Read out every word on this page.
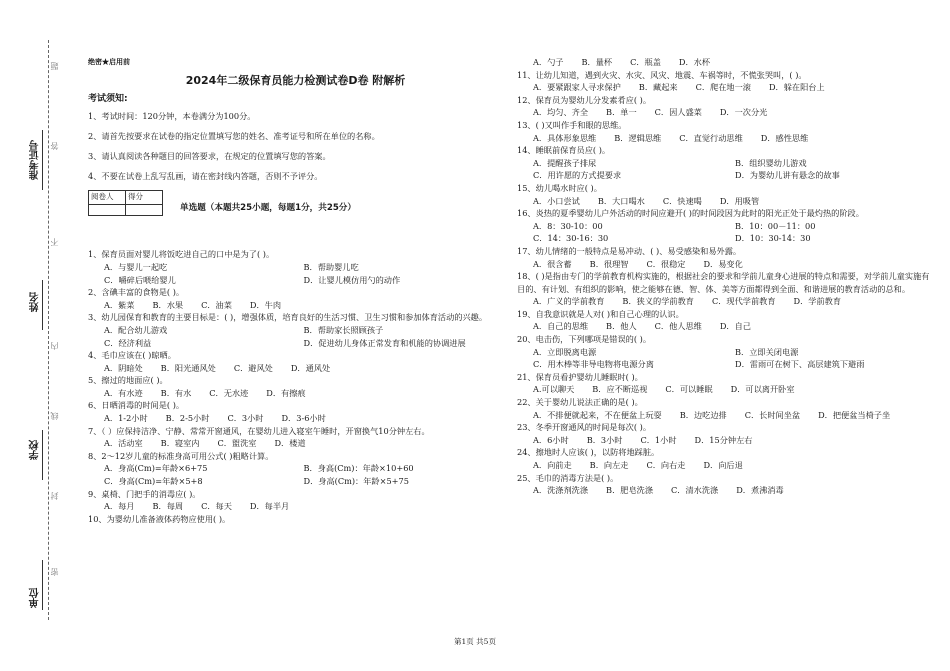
准考证号
姓名
学校
单位
题
答
不
内
线
封
密
绝密★启用前
2024年二级保育员能力检测试卷D卷 附解析
考试须知:
1、考试时间：120分钟，本卷满分为100分。
2、请首先按要求在试卷的指定位置填写您的姓名、准考证号和所在单位的名称。
3、请认真阅读各种题目的回答要求，在规定的位置填写您的答案。
4、不要在试卷上乱写乱画，请在密封线内答题，否则不予评分。
阅卷人	得分

单选题（本题共25小题，每题1分，共25分）
1、保育员面对婴儿将饭吃进自己的口中是为了( )。
A．与婴儿一起吃	B．帮助婴儿吃
C．嚼碎后喂给婴儿	D．让婴儿模仿用勺的动作
2、含碘丰富的食物是( )。
A．紫菜 B．水果 C．油菜 D．牛肉
3、幼儿园保育和教育的主要目标是：( )，增强体质，培育良好的生活习惯、卫生习惯和参加体育活动的兴趣。
A．配合幼儿游戏	B．帮助家长照顾孩子
C．经济利益	D．促进幼儿身体正常发育和机能的协调进展
4、毛巾应该在( )晾晒。
A．阴暗处 B．阳光通风处 C．避风处 D．通风处
5、擦过的地面应( )。
A．有水迹 B．有水 C．无水迹 D．有擦痕
6、日晒消毒的时间是( )。
A．1-2小时 B．2-5小时 C．3小时 D．3-6小时
7、（ ）应保持洁净、宁静、常常开窗通风，在婴幼儿进入寝室午睡时，开窗换气10分钟左右。
A．活动室 B．寝室内 C．盥洗室 D．楼道
8、2～12岁儿童的标准身高可用公式( )粗略计算。
A．身高(Cm)=年龄×6+75	B．身高(Cm)：年龄×10+60
C．身高(Cm)=年龄×5+8	D．身高(Cm)：年龄×5+75
9、桌椅、门把手的消毒应( )。
A．每月 B．每周 C．每天 D．每半月
10、为婴幼儿准备液体药物应使用( )。
A．勺子 B．量杯 C．瓶盖 D．水杯
11、让幼儿知道，遇到火灾、水灾、风灾、地震、车祸等时，不慌张哭叫，( )。
A．要紧跟家人寻求保护 B．藏起来 C．爬在地一滚 D．躲在阳台上
12、保育员为婴幼儿分发素肴应( )。
A．均匀、齐全 B．单一 C．因人盛菜 D．一次分光
13、( )又叫作手和眼的思维。
A．具体形象思维 B．逻辑思维 C．直觉行动思维 D．感性思维
14、睡眠前保育员应( )。
A．提醒孩子排尿	B．组织婴幼儿游戏
C．用许愿的方式提要求	D．为婴幼儿讲有悬念的故事
15、幼儿喝水时应( )。
A．小口尝试 B．大口喝水 C．快速喝 D．用吸管
16、炎热的夏季婴幼儿户外活动的时间应避开( )的时间段因为此时的阳光正处于最灼热的阶段。
A．8：30-10：00	B．10：00－11：00
C．14：30-16：30	D．10：30-14：30
17、幼儿情绪的一般特点是易冲动、( )、易受感染和易外露。
A．很含蓄 B．很理智 C．很稳定 D．易变化
18、( )是指由专门的学前教育机构实施的，根据社会的要求和学前儿童身心进展的特点和需要，对学前儿童实施有目的、有计划、有组织的影响，使之能够在德、智、体、美等方面都得到全面、和谐进展的教育活动的总和。
A．广义的学前教育 B．狭义的学前教育 C．现代学前教育 D．学前教育
19、自我意识就是人对( )和自己心理的认识。
A．自己的思维 B．他人 C．他人思维 D．自己
20、电击伤，下列哪项是错误的( )。
A．立即脱离电源	B．立即关闭电源
C．用木棒等非导电物将电源分离	D．雷雨可在树下、高层建筑下避雨
21、保育员看护婴幼儿睡眠时( )。
A.可以聊天 B．应不断巡视 C．可以睡眠 D．可以离开卧室
22、关于婴幼儿说法正确的是( )。
A．不排便就起来，不在便盆上玩耍 B．边吃边排 C．长时间坐盆 D．把便盆当椅子坐
23、冬季开窗通风的时间是每次( )。
A．6小时 B．3小时 C．1小时 D．15分钟左右
24、擦地时人应该( )，以防将地踩脏。
A．向前走 B．向左走 C．向右走 D．向后退
25、毛巾的消毒方法是( )。
A．洗涤剂洗涤 B．肥皂洗涤 C．清水洗涤 D．煮沸消毒
第1页 共5页
